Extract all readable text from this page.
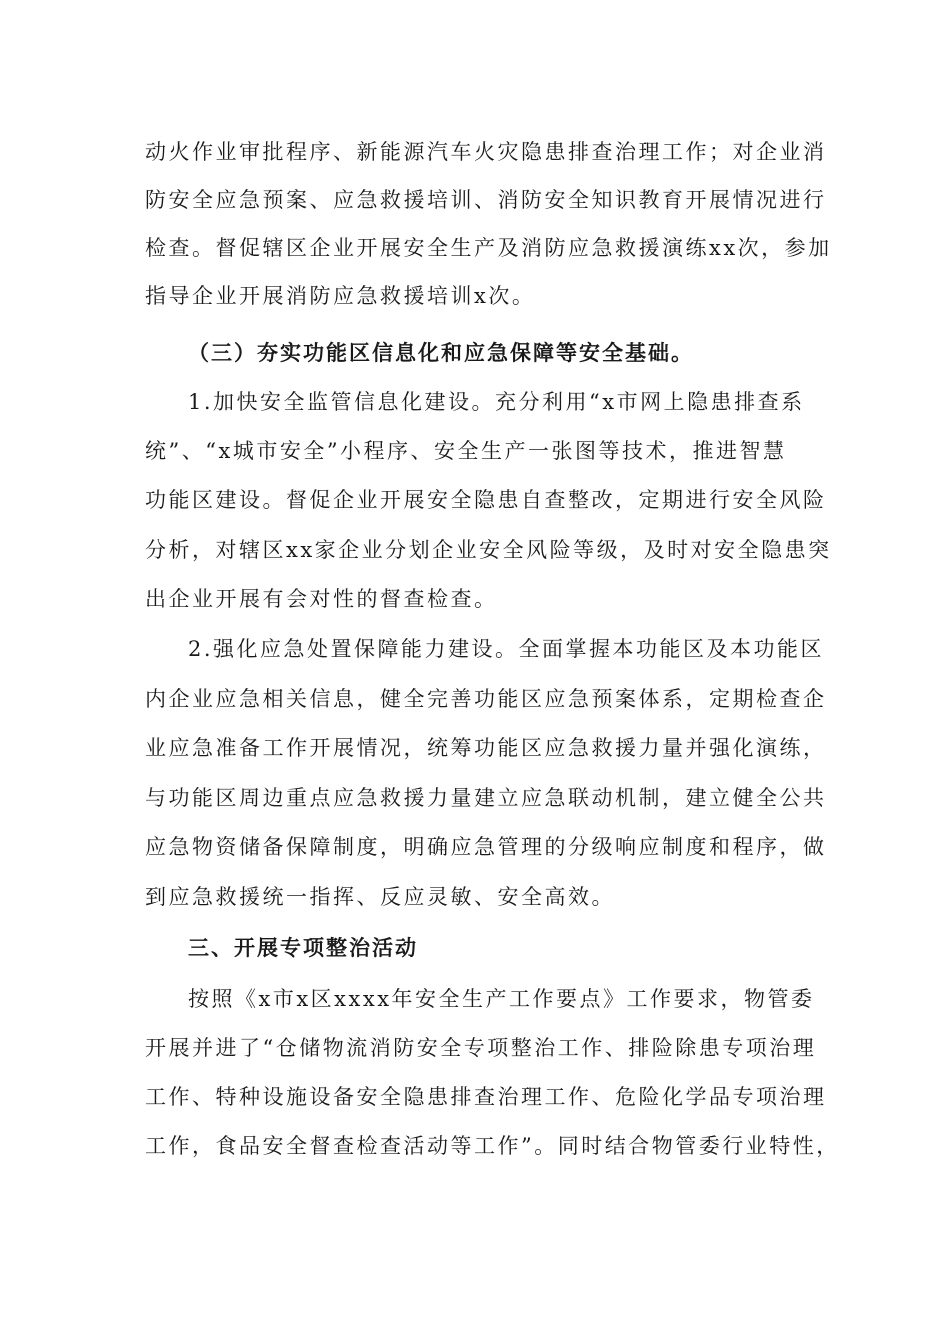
动火作业审批程序、新能源汽车火灾隐患排查治理工作；对企业消
防安全应急预案、应急救援培训、消防安全知识教育开展情况进行
检查。督促辖区企业开展安全生产及消防应急救援演练xx次，参加
指导企业开展消防应急救援培训x次。
（三）夯实功能区信息化和应急保障等安全基础。
1.加快安全监管信息化建设。充分利用“x市网上隐患排查系
统”、“x城市安全”小程序、安全生产一张图等技术，推进智慧
功能区建设。督促企业开展安全隐患自查整改，定期进行安全风险
分析，对辖区xx家企业分划企业安全风险等级，及时对安全隐患突
出企业开展有会对性的督查检查。
2.强化应急处置保障能力建设。全面掌握本功能区及本功能区
内企业应急相关信息，健全完善功能区应急预案体系，定期检查企
业应急准备工作开展情况，统筹功能区应急救援力量并强化演练，
与功能区周边重点应急救援力量建立应急联动机制，建立健全公共
应急物资储备保障制度，明确应急管理的分级响应制度和程序，做
到应急救援统一指挥、反应灵敏、安全高效。
三、开展专项整治活动
按照《x市x区xxxx年安全生产工作要点》工作要求，物管委
开展并进了“仓储物流消防安全专项整治工作、排险除患专项治理
工作、特种设施设备安全隐患排查治理工作、危险化学品专项治理
工作，食品安全督查检查活动等工作”。同时结合物管委行业特性，
